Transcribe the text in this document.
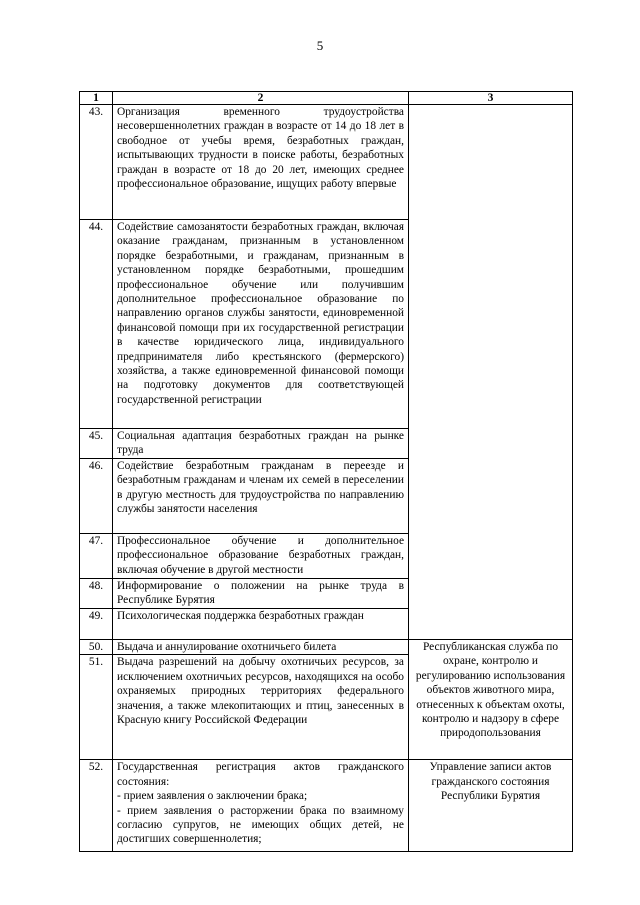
5
1	2	3
43.	Организация временного трудоустройства несовершеннолетних граждан в возрасте от 14 до 18 лет в свободное от учебы время, безработных граждан, испытывающих трудности в поиске работы, безработных граждан в возрасте от 18 до 20 лет, имеющих среднее профессиональное образование, ищущих работу впервые	
44.	Содействие самозанятости безработных граждан, включая оказание гражданам, признанным в установленном порядке безработными, и гражданам, признанным в установленном порядке безработными, прошедшим профессиональное обучение или получившим дополнительное профессиональное образование по направлению органов службы занятости, единовременной финансовой помощи при их государственной регистрации в качестве юридического лица, индивидуального предпринимателя либо крестьянского (фермерского) хозяйства, а также единовременной финансовой помощи на подготовку документов для соответствующей государственной регистрации	
45.	Социальная адаптация безработных граждан на рынке труда	
46.	Содействие безработным гражданам в переезде и безработным гражданам и членам их семей в переселении в другую местность для трудоустройства по направлению службы занятости населения	
47.	Профессиональное обучение и дополнительное профессиональное образование безработных граждан, включая обучение в другой местности	
48.	Информирование о положении на рынке труда в Республике Бурятия	
49.	Психологическая поддержка безработных граждан	
50.	Выдача и аннулирование охотничьего билета	Республиканская служба по охране, контролю и регулированию использования объектов животного мира, отнесенных к объектам охоты, контролю и надзору в сфере природопользования
51.	Выдача разрешений на добычу охотничьих ресурсов, за исключением охотничьих ресурсов, находящихся на особо охраняемых природных территориях федерального значения, а также млекопитающих и птиц, занесенных в Красную книгу Российской Федерации	
52.	Государственная регистрация актов гражданского состояния:
- прием заявления о заключении брака;
- прием заявления о расторжении брака по взаимному согласию супругов, не имеющих общих детей, не достигших совершеннолетия;	Управление записи актов гражданского состояния Республики Бурятия
